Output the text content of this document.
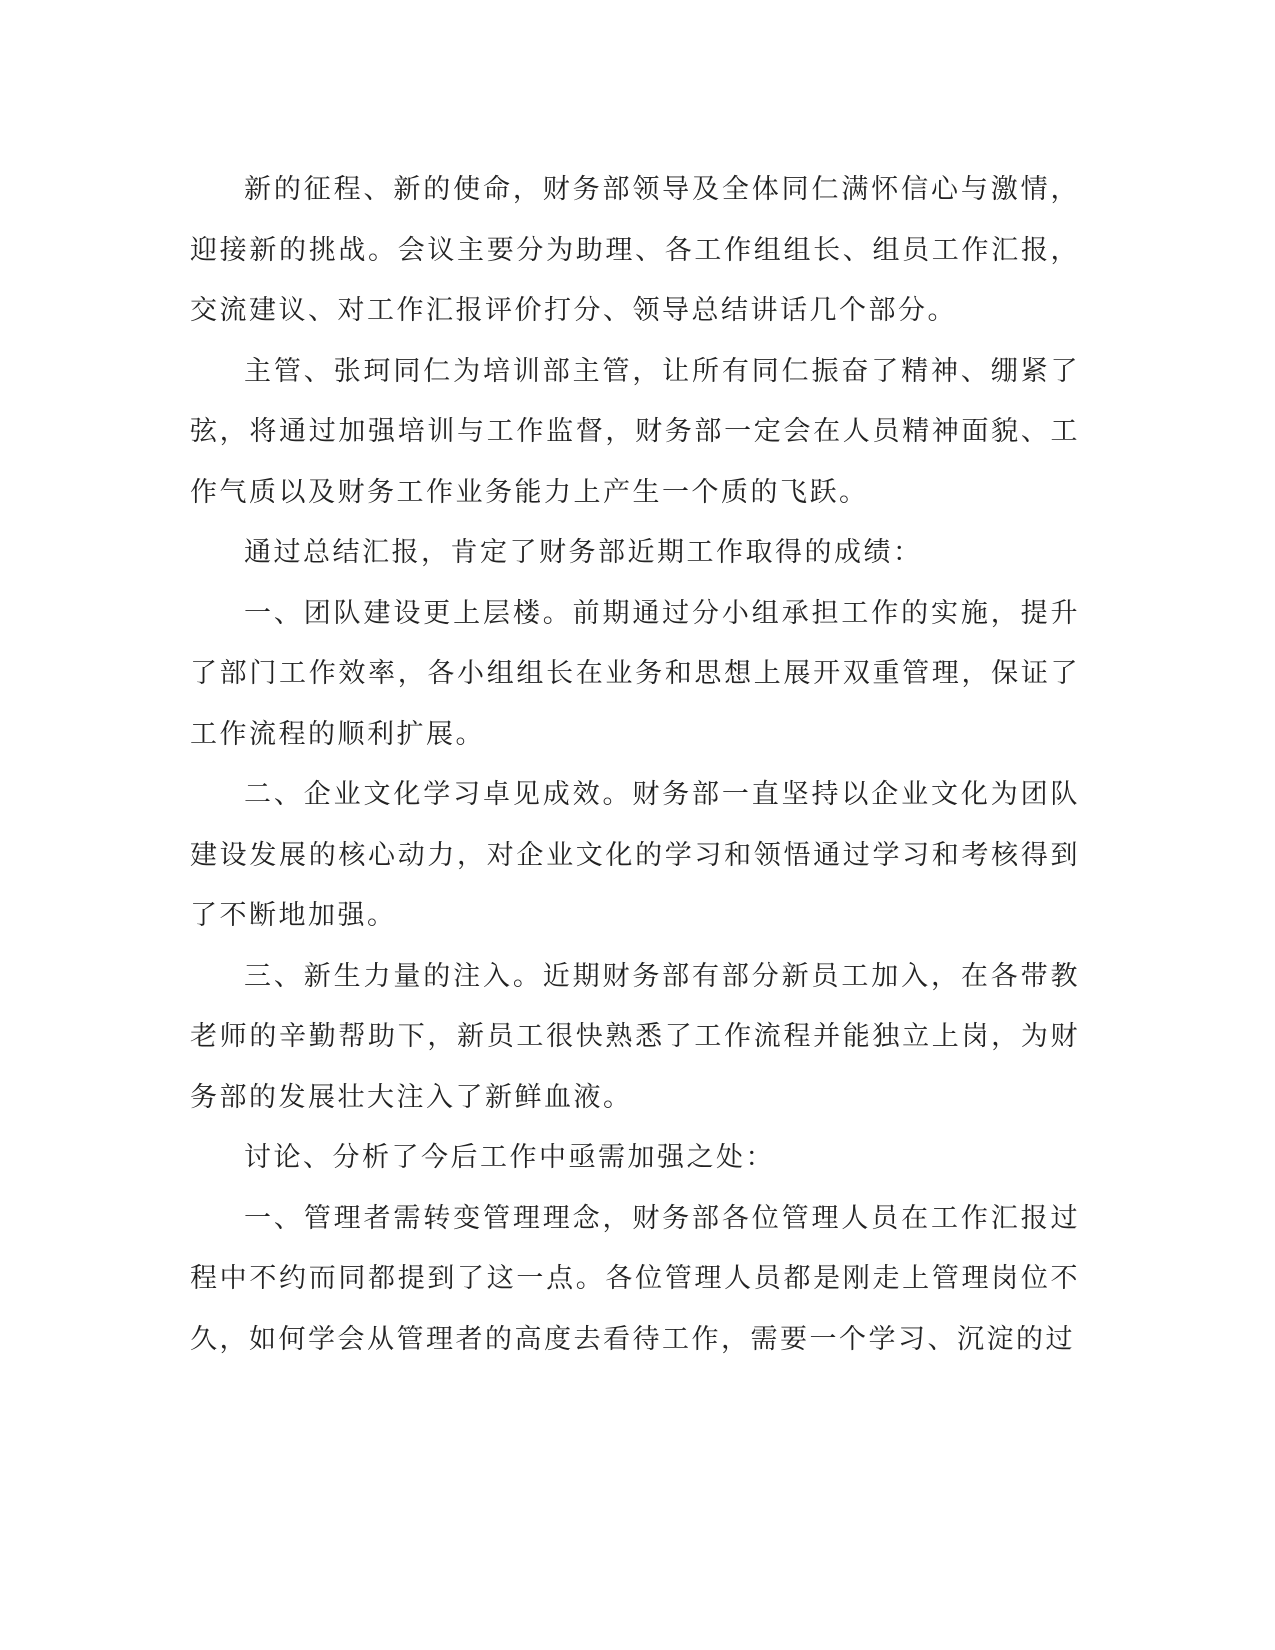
新的征程、新的使命，财务部领导及全体同仁满怀信心与激情，迎接新的挑战。会议主要分为助理、各工作组组长、组员工作汇报，交流建议、对工作汇报评价打分、领导总结讲话几个部分。

主管、张珂同仁为培训部主管，让所有同仁振奋了精神、绷紧了弦，将通过加强培训与工作监督，财务部一定会在人员精神面貌、工作气质以及财务工作业务能力上产生一个质的飞跃。

通过总结汇报，肯定了财务部近期工作取得的成绩：

一、团队建设更上层楼。前期通过分小组承担工作的实施，提升了部门工作效率，各小组组长在业务和思想上展开双重管理，保证了工作流程的顺利扩展。

二、企业文化学习卓见成效。财务部一直坚持以企业文化为团队建设发展的核心动力，对企业文化的学习和领悟通过学习和考核得到了不断地加强。

三、新生力量的注入。近期财务部有部分新员工加入，在各带教老师的辛勤帮助下，新员工很快熟悉了工作流程并能独立上岗，为财务部的发展壮大注入了新鲜血液。

讨论、分析了今后工作中亟需加强之处：

一、管理者需转变管理理念，财务部各位管理人员在工作汇报过程中不约而同都提到了这一点。各位管理人员都是刚走上管理岗位不久，如何学会从管理者的高度去看待工作，需要一个学习、沉淀的过
